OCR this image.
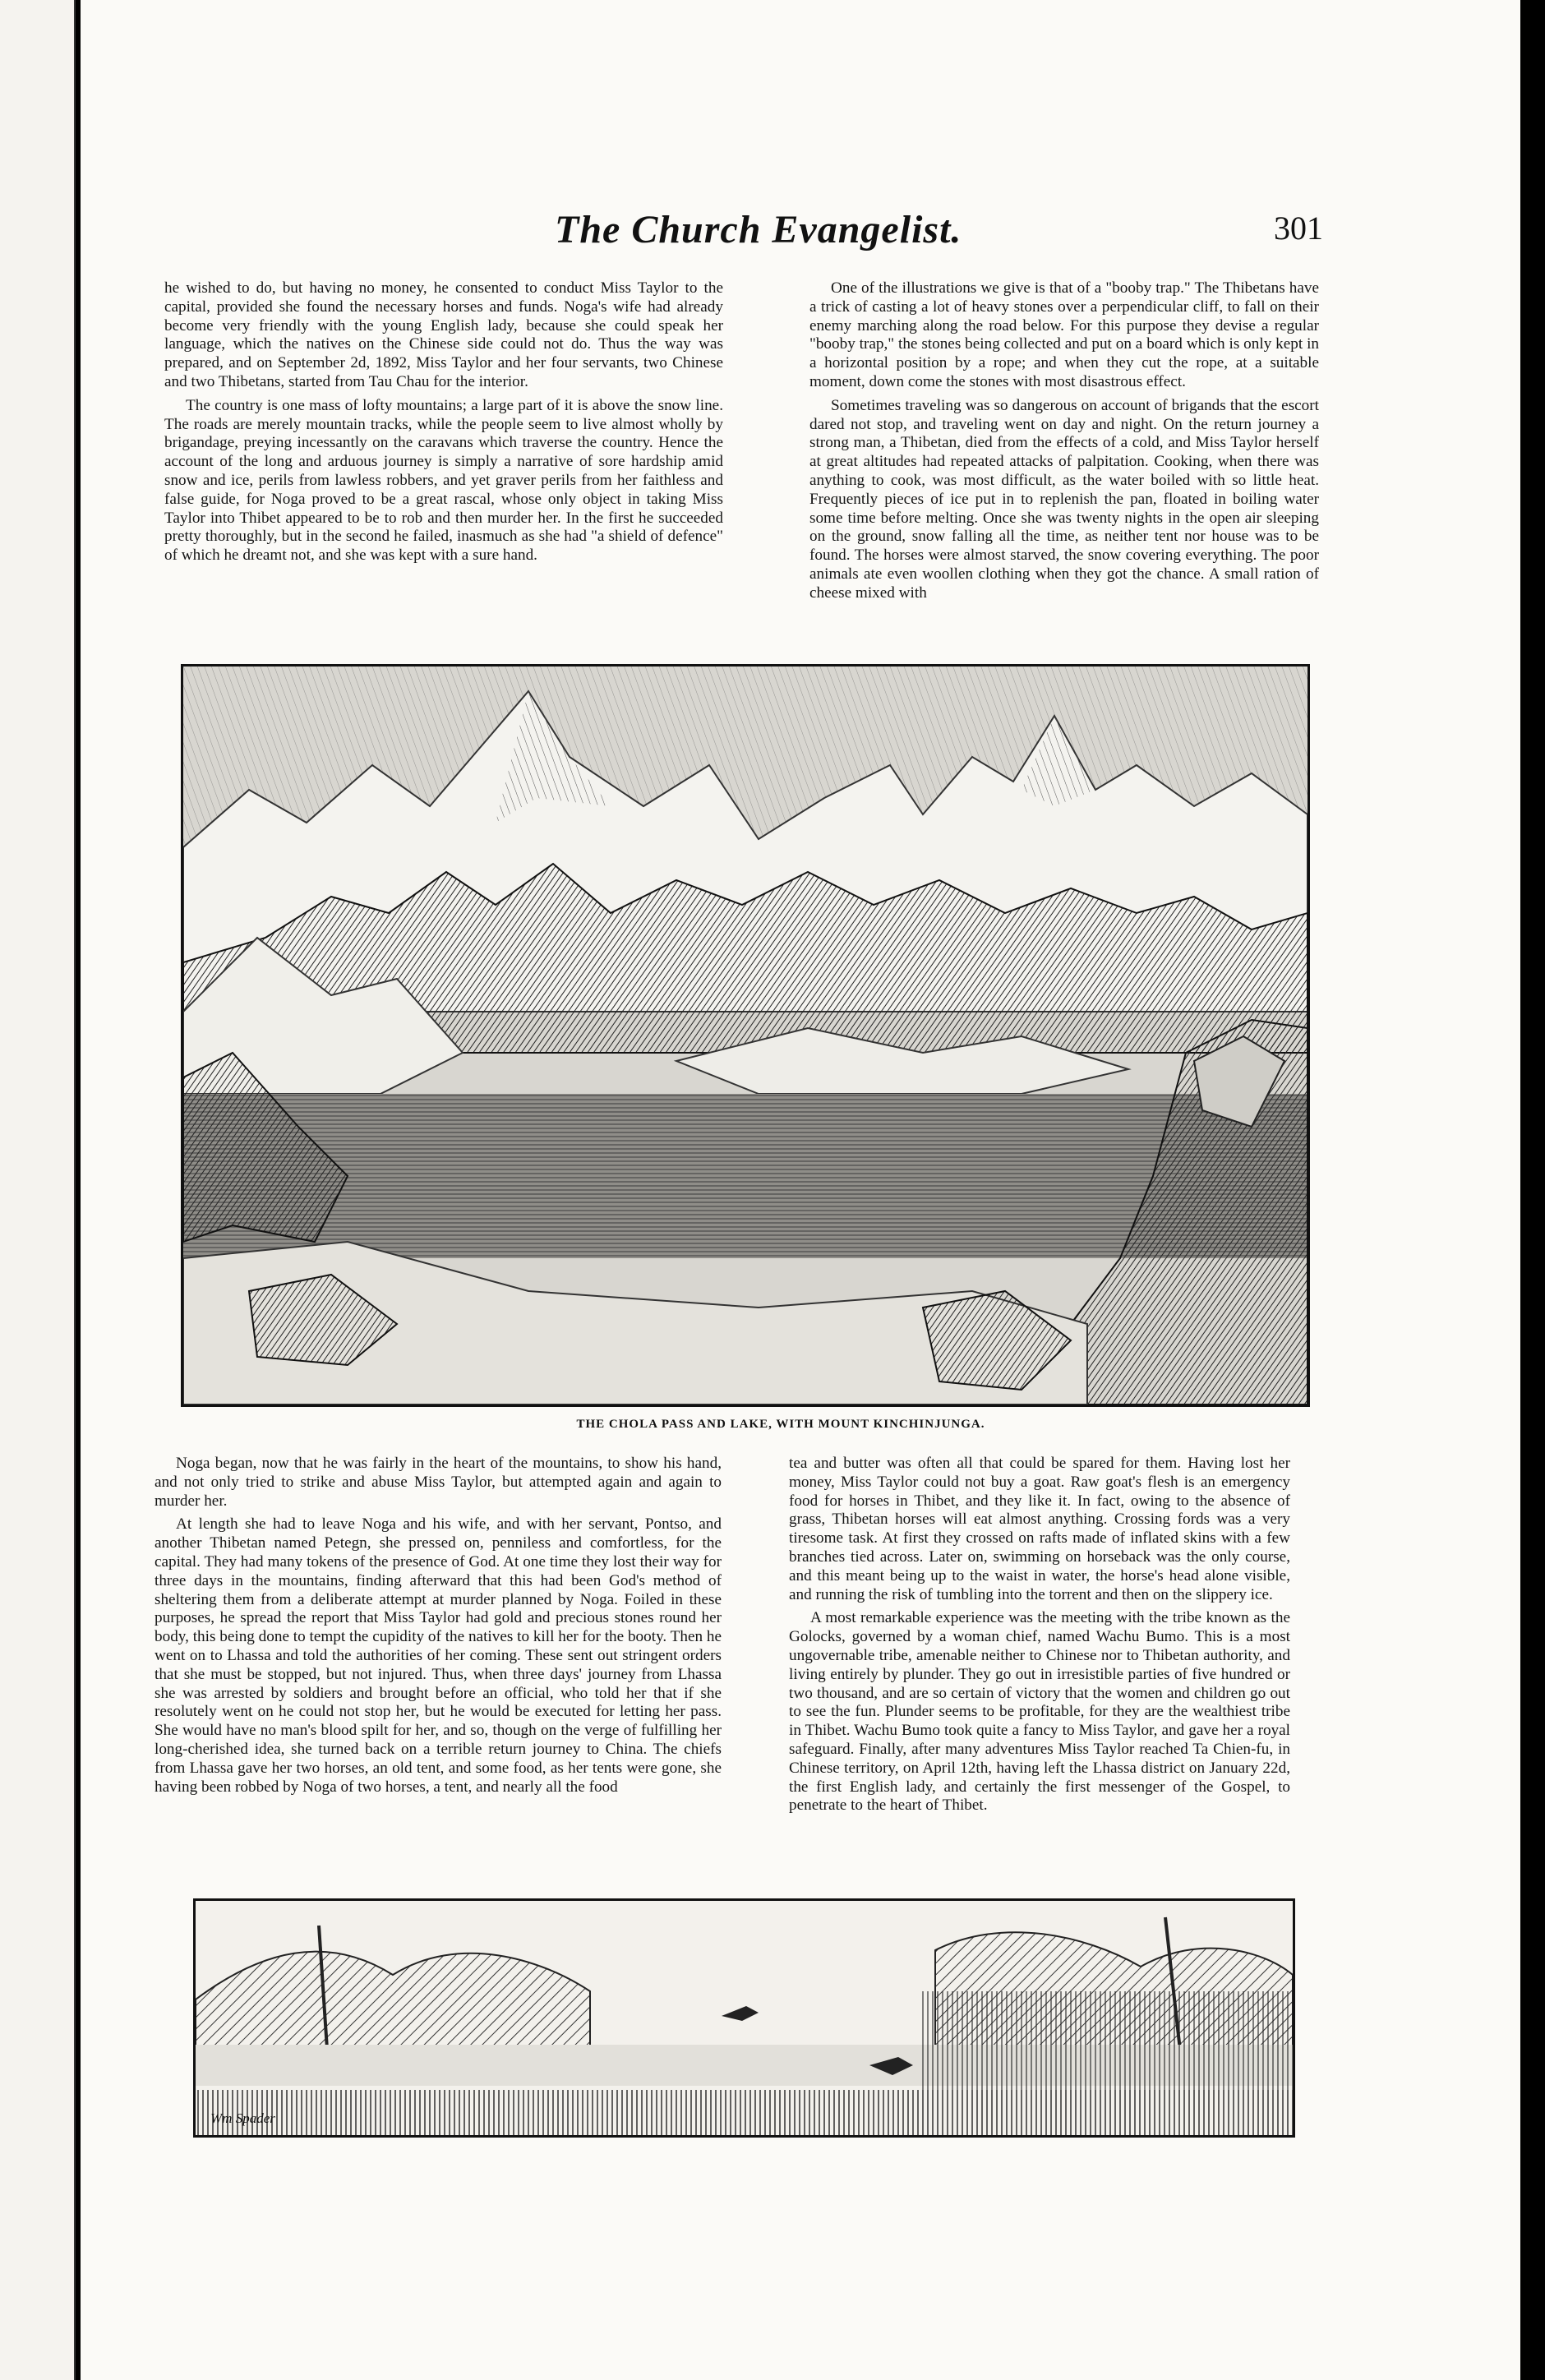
The Church Evangelist.	301

he wished to do, but having no money, he consented to conduct Miss Taylor to the capital, provided she found the necessary horses and funds. Noga's wife had already become very friendly with the young English lady, because she could speak her language, which the natives on the Chinese side could not do. Thus the way was prepared, and on September 2d, 1892, Miss Taylor and her four servants, two Chinese and two Thibetans, started from Tau Chau for the interior.

The country is one mass of lofty mountains; a large part of it is above the snow line. The roads are merely mountain tracks, while the people seem to live almost wholly by brigandage, preying incessantly on the caravans which traverse the country. Hence the account of the long and arduous journey is simply a narrative of sore hardship amid snow and ice, perils from lawless robbers, and yet graver perils from her faithless and false guide, for Noga proved to be a great rascal, whose only object in taking Miss Taylor into Thibet appeared to be to rob and then murder her. In the first he succeeded pretty thoroughly, but in the second he failed, inasmuch as she had "a shield of defence" of which he dreamt not, and she was kept with a sure hand.

One of the illustrations we give is that of a "booby trap." The Thibetans have a trick of casting a lot of heavy stones over a perpendicular cliff, to fall on their enemy marching along the road below. For this purpose they devise a regular "booby trap," the stones being collected and put on a board which is only kept in a horizontal position by a rope; and when they cut the rope, at a suitable moment, down come the stones with most disastrous effect.

Sometimes traveling was so dangerous on account of brigands that the escort dared not stop, and traveling went on day and night. On the return journey a strong man, a Thibetan, died from the effects of a cold, and Miss Taylor herself at great altitudes had repeated attacks of palpitation. Cooking, when there was anything to cook, was most difficult, as the water boiled with so little heat. Frequently pieces of ice put in to replenish the pan, floated in boiling water some time before melting. Once she was twenty nights in the open air sleeping on the ground, snow falling all the time, as neither tent nor house was to be found. The horses were almost starved, the snow covering everything. The poor animals ate even woollen clothing when they got the chance. A small ration of cheese mixed with

THE CHOLA PASS AND LAKE, WITH MOUNT KINCHINJUNGA.

Noga began, now that he was fairly in the heart of the mountains, to show his hand, and not only tried to strike and abuse Miss Taylor, but attempted again and again to murder her.

At length she had to leave Noga and his wife, and with her servant, Pontso, and another Thibetan named Petegn, she pressed on, penniless and comfortless, for the capital. They had many tokens of the presence of God. At one time they lost their way for three days in the mountains, finding afterward that this had been God's method of sheltering them from a deliberate attempt at murder planned by Noga. Foiled in these purposes, he spread the report that Miss Taylor had gold and precious stones round her body, this being done to tempt the cupidity of the natives to kill her for the booty. Then he went on to Lhassa and told the authorities of her coming. These sent out stringent orders that she must be stopped, but not injured. Thus, when three days' journey from Lhassa she was arrested by soldiers and brought before an official, who told her that if she resolutely went on he could not stop her, but he would be executed for letting her pass. She would have no man's blood spilt for her, and so, though on the verge of fulfilling her long-cherished idea, she turned back on a terrible return journey to China. The chiefs from Lhassa gave her two horses, an old tent, and some food, as her tents were gone, she having been robbed by Noga of two horses, a tent, and nearly all the food

tea and butter was often all that could be spared for them. Having lost her money, Miss Taylor could not buy a goat. Raw goat's flesh is an emergency food for horses in Thibet, and they like it. In fact, owing to the absence of grass, Thibetan horses will eat almost anything. Crossing fords was a very tiresome task. At first they crossed on rafts made of inflated skins with a few branches tied across. Later on, swimming on horseback was the only course, and this meant being up to the waist in water, the horse's head alone visible, and running the risk of tumbling into the torrent and then on the slippery ice.

A most remarkable experience was the meeting with the tribe known as the Golocks, governed by a woman chief, named Wachu Bumo. This is a most ungovernable tribe, amenable neither to Chinese nor to Thibetan authority, and living entirely by plunder. They go out in irresistible parties of five hundred or two thousand, and are so certain of victory that the women and children go out to see the fun. Plunder seems to be profitable, for they are the wealthiest tribe in Thibet. Wachu Bumo took quite a fancy to Miss Taylor, and gave her a royal safeguard. Finally, after many adventures Miss Taylor reached Ta Chien-fu, in Chinese territory, on April 12th, having left the Lhassa district on January 22d, the first English lady, and certainly the first messenger of the Gospel, to penetrate to the heart of Thibet.

Wm Spader
